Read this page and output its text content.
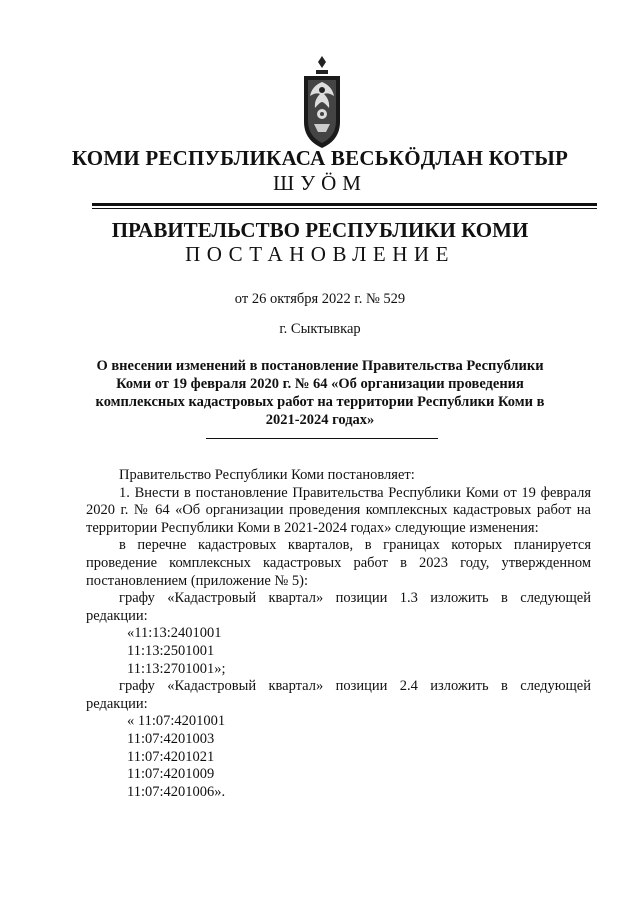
КОМИ РЕСПУБЛИКАСА ВЕСЬКÖДЛАН КОТЫР
ШУÖМ
ПРАВИТЕЛЬСТВО РЕСПУБЛИКИ КОМИ
ПОСТАНОВЛЕНИЕ
от 26 октября 2022 г. № 529
г. Сыктывкар
О внесении изменений в постановление Правительства Республики Коми от 19 февраля 2020 г. № 64 «Об организации проведения комплексных кадастровых работ на территории Республики Коми в 2021-2024 годах»

Правительство Республики Коми постановляет:

1. Внести в постановление Правительства Республики Коми от 19 февраля 2020 г. № 64 «Об организации проведения комплексных кадастровых работ на территории Республики Коми в 2021-2024 годах» следующие изменения:

в перечне кадастровых кварталов, в границах которых планируется проведение комплексных кадастровых работ в 2023 году, утвержденном постановлением (приложение № 5):

графу «Кадастровый квартал» позиции 1.3 изложить в следующей редакции:

«11:13:2401001

11:13:2501001

11:13:2701001»;

графу «Кадастровый квартал» позиции 2.4 изложить в следующей редакции:

« 11:07:4201001

11:07:4201003

11:07:4201021

11:07:4201009

11:07:4201006».
